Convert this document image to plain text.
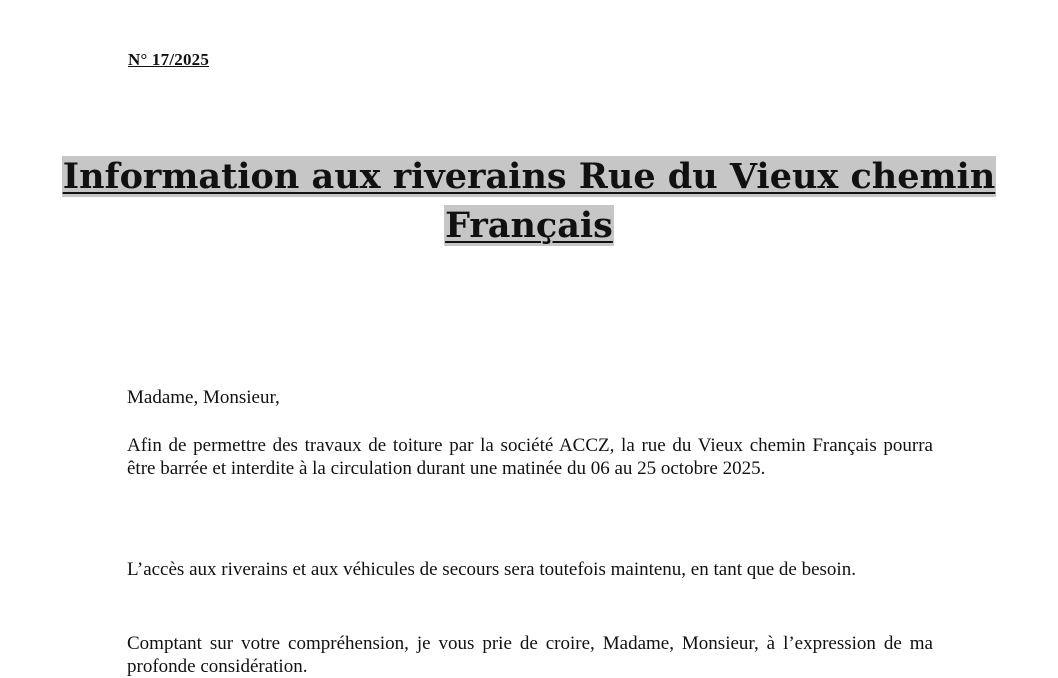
N° 17/2025
Information aux riverains Rue du Vieux chemin
Français
Madame, Monsieur,
Afin de permettre des travaux de toiture par la société ACCZ, la rue du Vieux chemin Français pourra être barrée et interdite à la circulation durant une matinée du 06 au 25 octobre 2025.
L’accès aux riverains et aux véhicules de secours sera toutefois maintenu, en tant que de besoin.
Comptant sur votre compréhension, je vous prie de croire, Madame, Monsieur, à l’expression de ma profonde considération.
